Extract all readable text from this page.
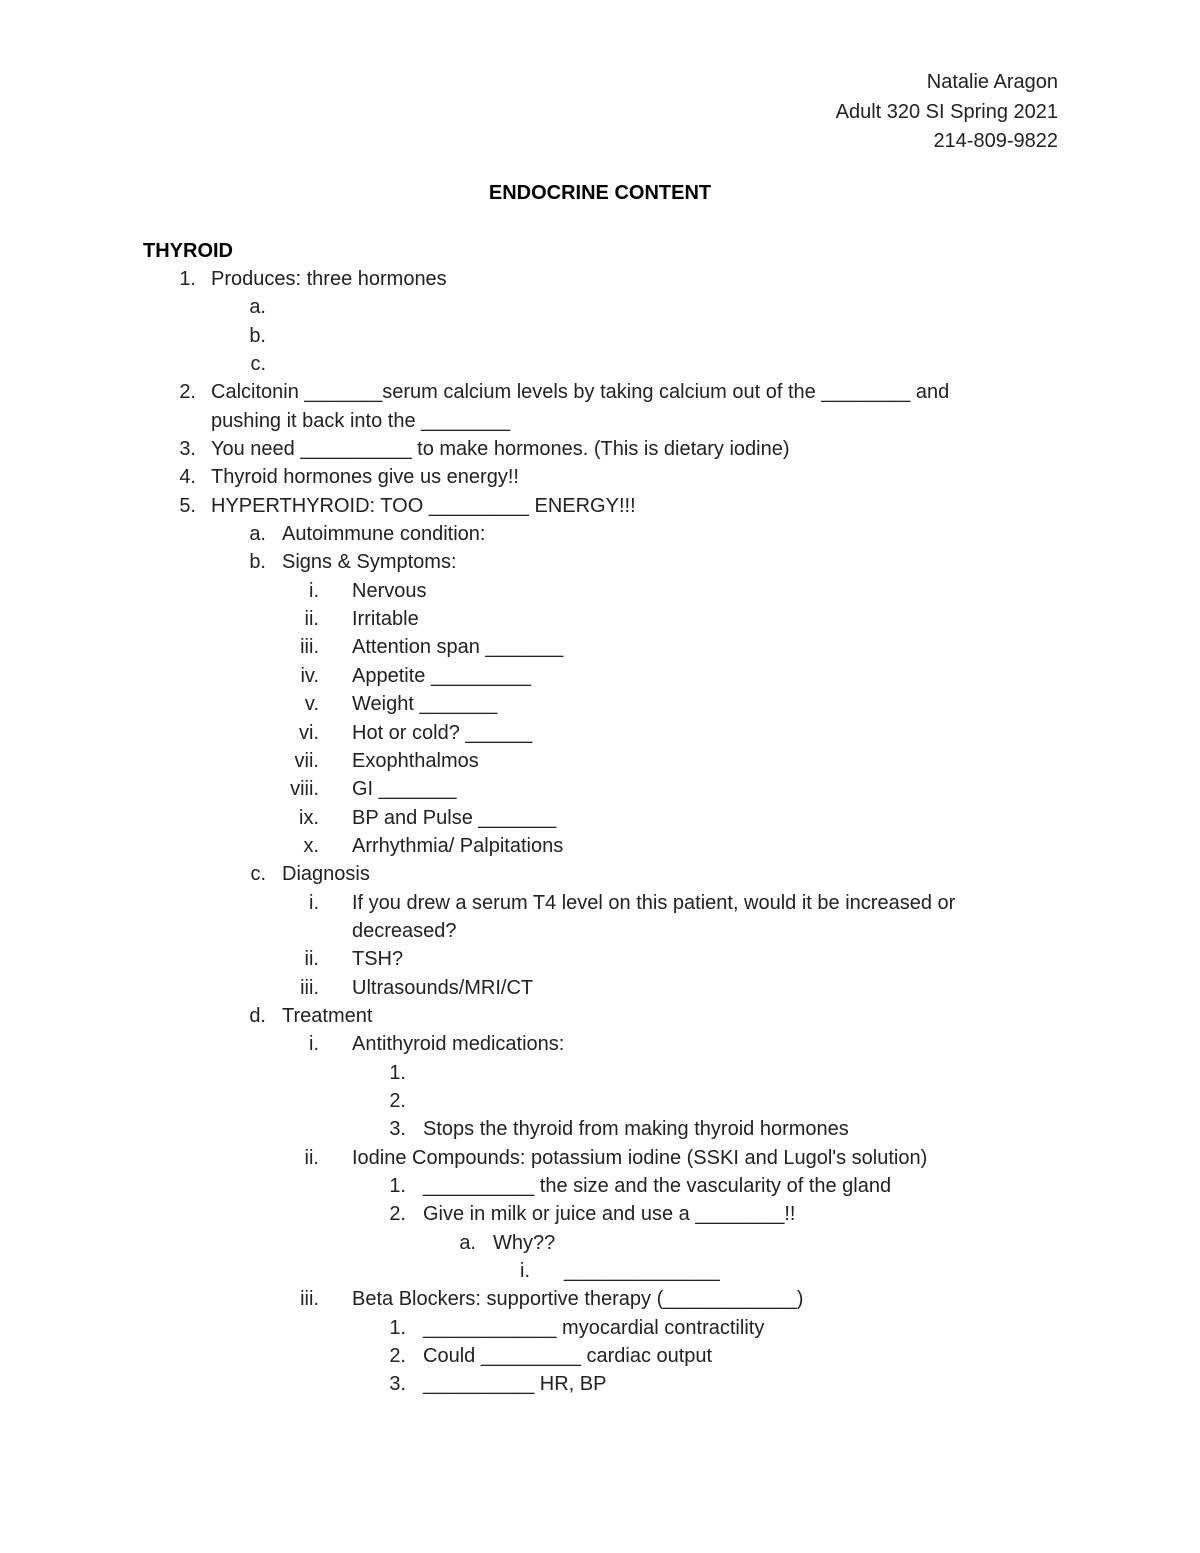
Natalie Aragon
Adult 320 SI Spring 2021
214-809-9822
ENDOCRINE CONTENT
THYROID
1. Produces: three hormones
a.
b.
c.
2. Calcitonin _______serum calcium levels by taking calcium out of the ________ and pushing it back into the ________
3. You need __________ to make hormones. (This is dietary iodine)
4. Thyroid hormones give us energy!!
5. HYPERTHYROID: TOO _________ ENERGY!!!
a. Autoimmune condition:
b. Signs & Symptoms:
i. Nervous
ii. Irritable
iii. Attention span _______
iv. Appetite _________
v. Weight _______
vi. Hot or cold? ______
vii. Exophthalmos
viii. GI _______
ix. BP and Pulse _______
x. Arrhythmia/ Palpitations
c. Diagnosis
i. If you drew a serum T4 level on this patient, would it be increased or decreased?
ii. TSH?
iii. Ultrasounds/MRI/CT
d. Treatment
i. Antithyroid medications:
1.
2.
3. Stops the thyroid from making thyroid hormones
ii. Iodine Compounds: potassium iodine (SSKI and Lugol's solution)
1. __________ the size and the vascularity of the gland
2. Give in milk or juice and use a ________!!
a. Why??
i. ______________
iii. Beta Blockers: supportive therapy (____________)
1. ____________ myocardial contractility
2. Could _________ cardiac output
3. __________ HR, BP
